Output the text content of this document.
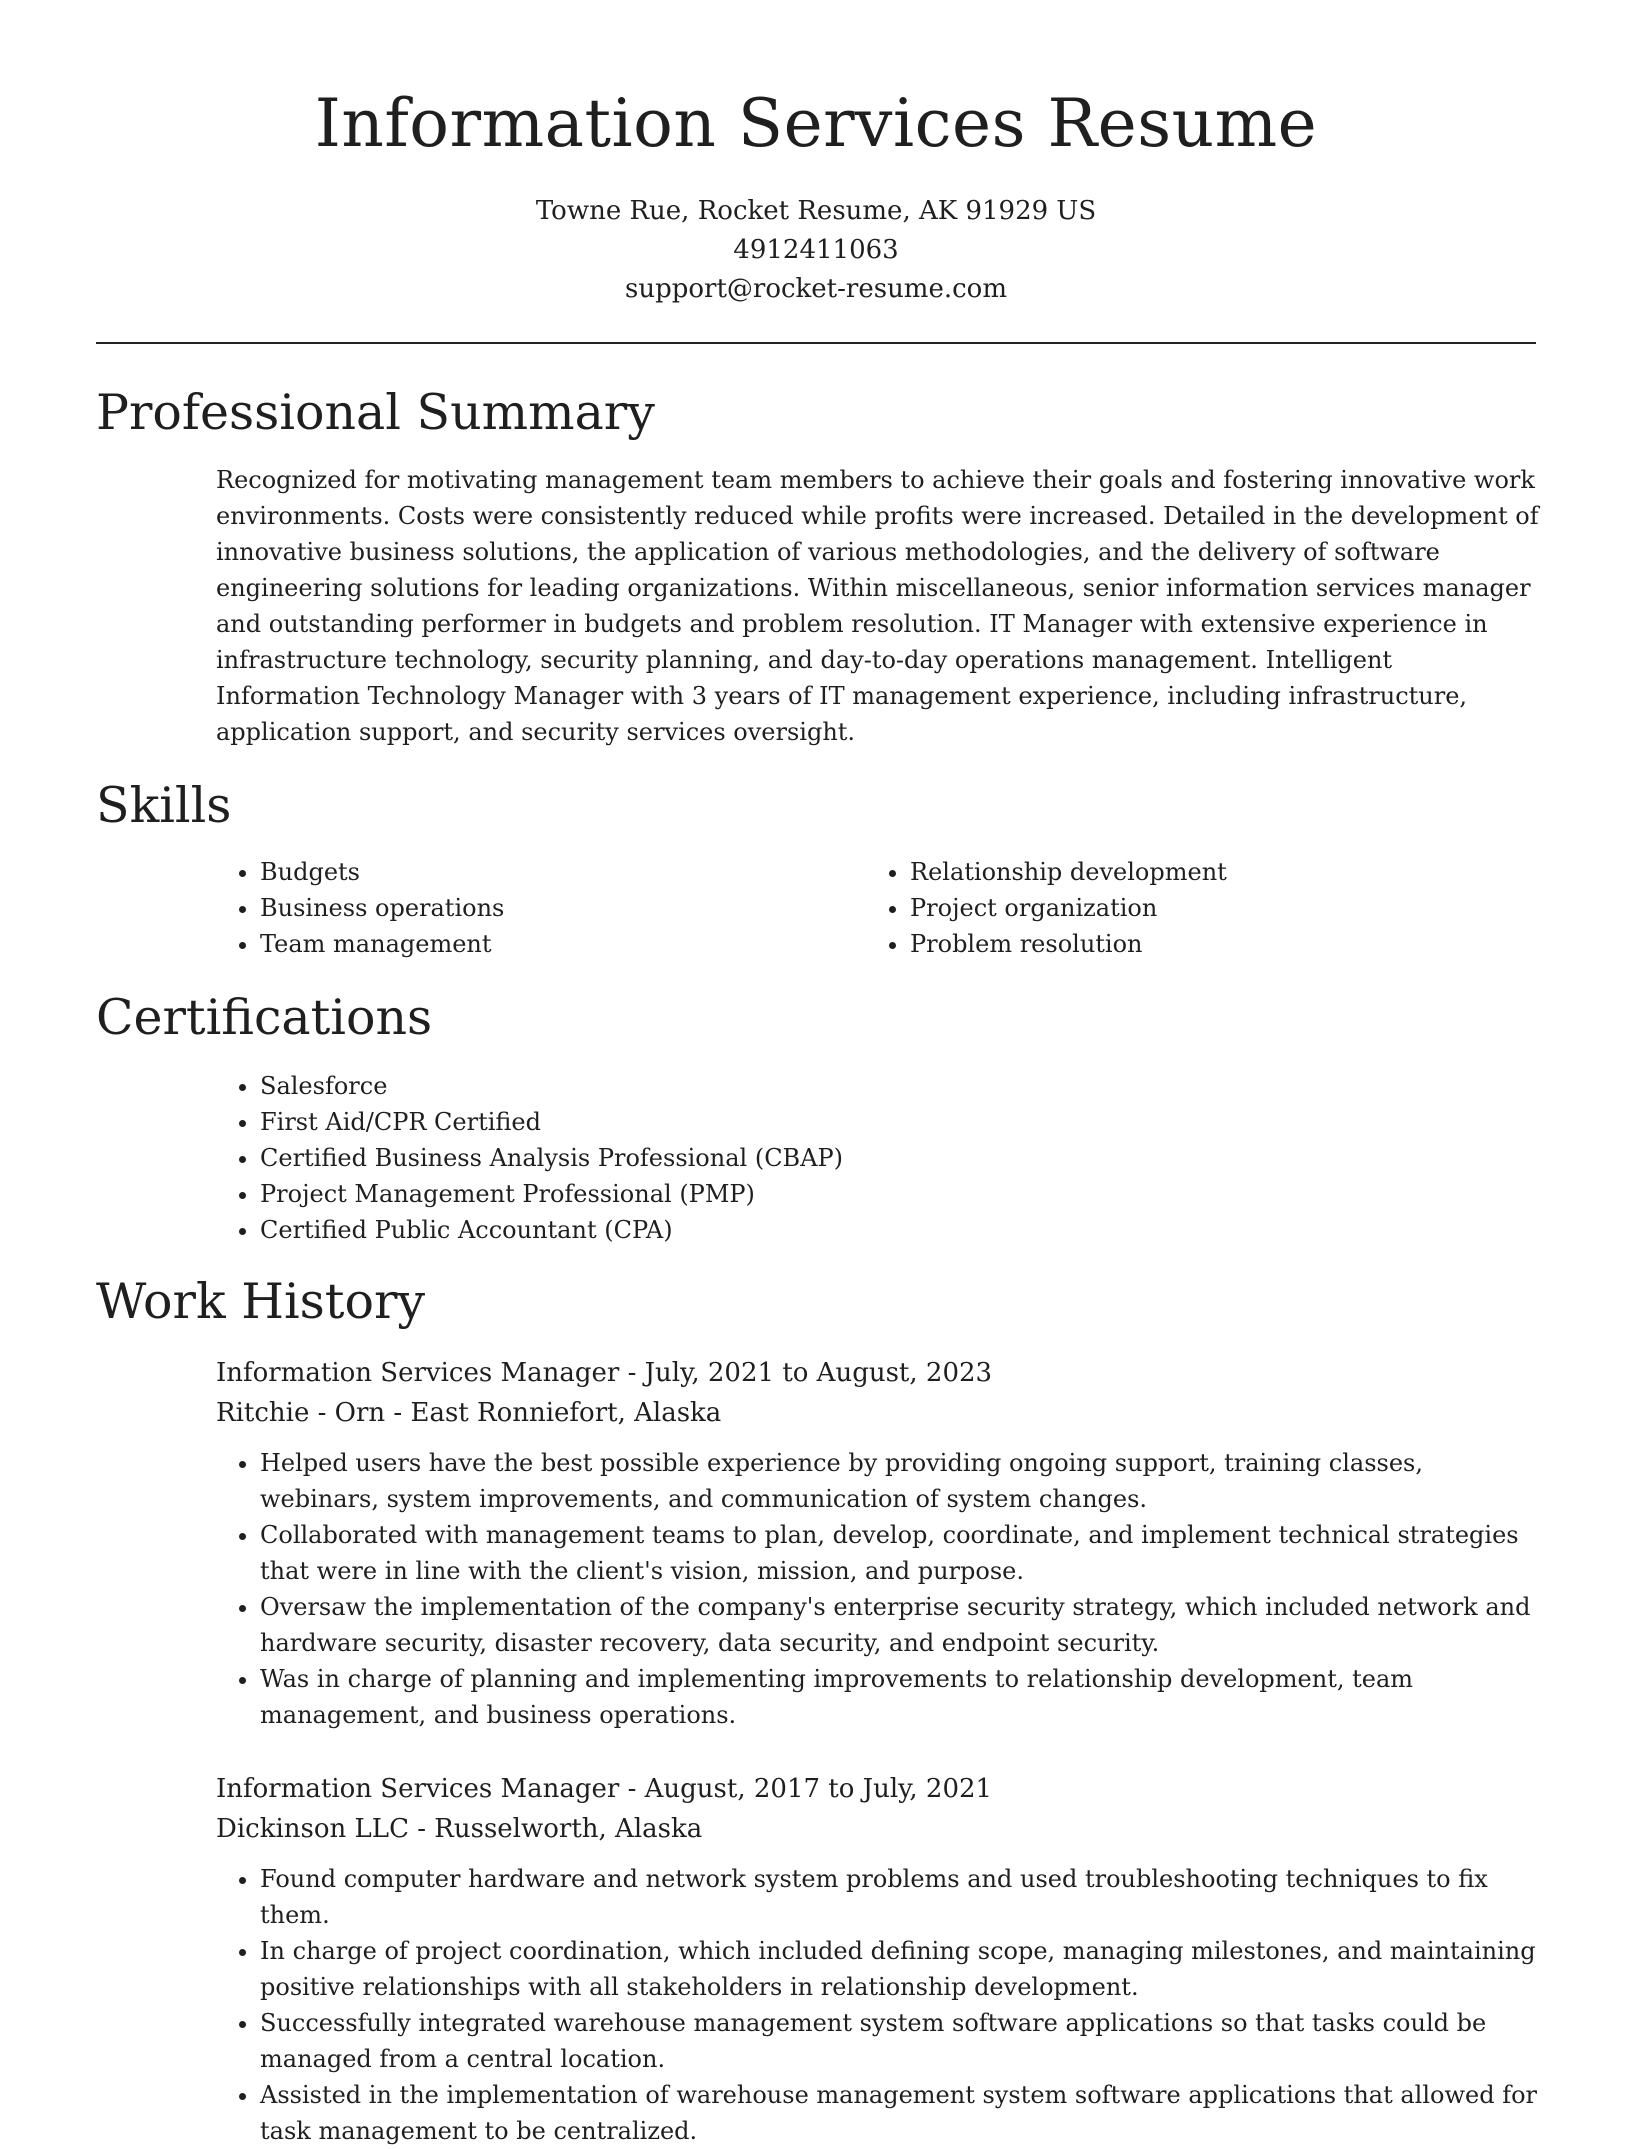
Information Services Resume
Towne Rue, Rocket Resume, AK 91929 US
4912411063
support@rocket-resume.com
Professional Summary
Recognized for motivating management team members to achieve their goals and fostering innovative work environments. Costs were consistently reduced while profits were increased. Detailed in the development of innovative business solutions, the application of various methodologies, and the delivery of software engineering solutions for leading organizations. Within miscellaneous, senior information services manager and outstanding performer in budgets and problem resolution. IT Manager with extensive experience in infrastructure technology, security planning, and day-to-day operations management. Intelligent Information Technology Manager with 3 years of IT management experience, including infrastructure, application support, and security services oversight.
Skills
• Budgets
• Business operations
• Team management
• Relationship development
• Project organization
• Problem resolution
Certifications
• Salesforce
• First Aid/CPR Certified
• Certified Business Analysis Professional (CBAP)
• Project Management Professional (PMP)
• Certified Public Accountant (CPA)
Work History

Information Services Manager - July, 2021 to August, 2023

Ritchie - Orn - East Ronniefort, Alaska

• Helped users have the best possible experience by providing ongoing support, training classes, webinars, system improvements, and communication of system changes.
• Collaborated with management teams to plan, develop, coordinate, and implement technical strategies that were in line with the client's vision, mission, and purpose.
• Oversaw the implementation of the company's enterprise security strategy, which included network and hardware security, disaster recovery, data security, and endpoint security.
• Was in charge of planning and implementing improvements to relationship development, team management, and business operations.

Information Services Manager - August, 2017 to July, 2021

Dickinson LLC - Russelworth, Alaska

• Found computer hardware and network system problems and used troubleshooting techniques to fix them.
• In charge of project coordination, which included defining scope, managing milestones, and maintaining positive relationships with all stakeholders in relationship development.
• Successfully integrated warehouse management system software applications so that tasks could be managed from a central location.
• Assisted in the implementation of warehouse management system software applications that allowed for task management to be centralized.
